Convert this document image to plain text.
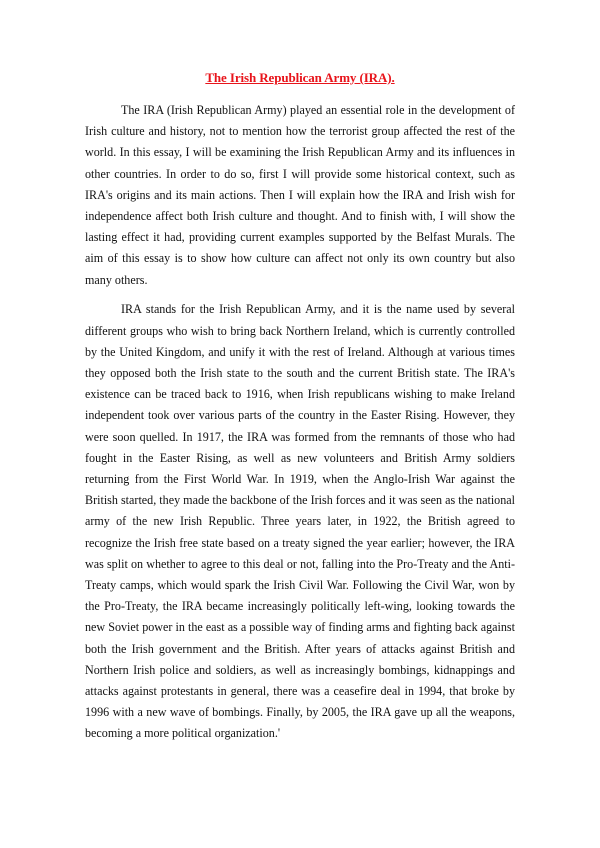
The Irish Republican Army (IRA).

The IRA (Irish Republican Army) played an essential role in the development of Irish culture and history, not to mention how the terrorist group affected the rest of the world. In this essay, I will be examining the Irish Republican Army and its influences in other countries. In order to do so, first I will provide some historical context, such as IRA's origins and its main actions. Then I will explain how the IRA and Irish wish for independence affect both Irish culture and thought. And to finish with, I will show the lasting effect it had, providing current examples supported by the Belfast Murals. The aim of this essay is to show how culture can affect not only its own country but also many others.

IRA stands for the Irish Republican Army, and it is the name used by several different groups who wish to bring back Northern Ireland, which is currently controlled by the United Kingdom, and unify it with the rest of Ireland. Although at various times they opposed both the Irish state to the south and the current British state. The IRA's existence can be traced back to 1916, when Irish republicans wishing to make Ireland independent took over various parts of the country in the Easter Rising. However, they were soon quelled. In 1917, the IRA was formed from the remnants of those who had fought in the Easter Rising, as well as new volunteers and British Army soldiers returning from the First World War. In 1919, when the Anglo-Irish War against the British started, they made the backbone of the Irish forces and it was seen as the national army of the new Irish Republic. Three years later, in 1922, the British agreed to recognize the Irish free state based on a treaty signed the year earlier; however, the IRA was split on whether to agree to this deal or not, falling into the Pro-Treaty and the Anti-Treaty camps, which would spark the Irish Civil War. Following the Civil War, won by the Pro-Treaty, the IRA became increasingly politically left-wing, looking towards the new Soviet power in the east as a possible way of finding arms and fighting back against both the Irish government and the British. After years of attacks against British and Northern Irish police and soldiers, as well as increasingly bombings, kidnappings and attacks against protestants in general, there was a ceasefire deal in 1994, that broke by 1996 with a new wave of bombings. Finally, by 2005, the IRA gave up all the weapons, becoming a more political organization.'
